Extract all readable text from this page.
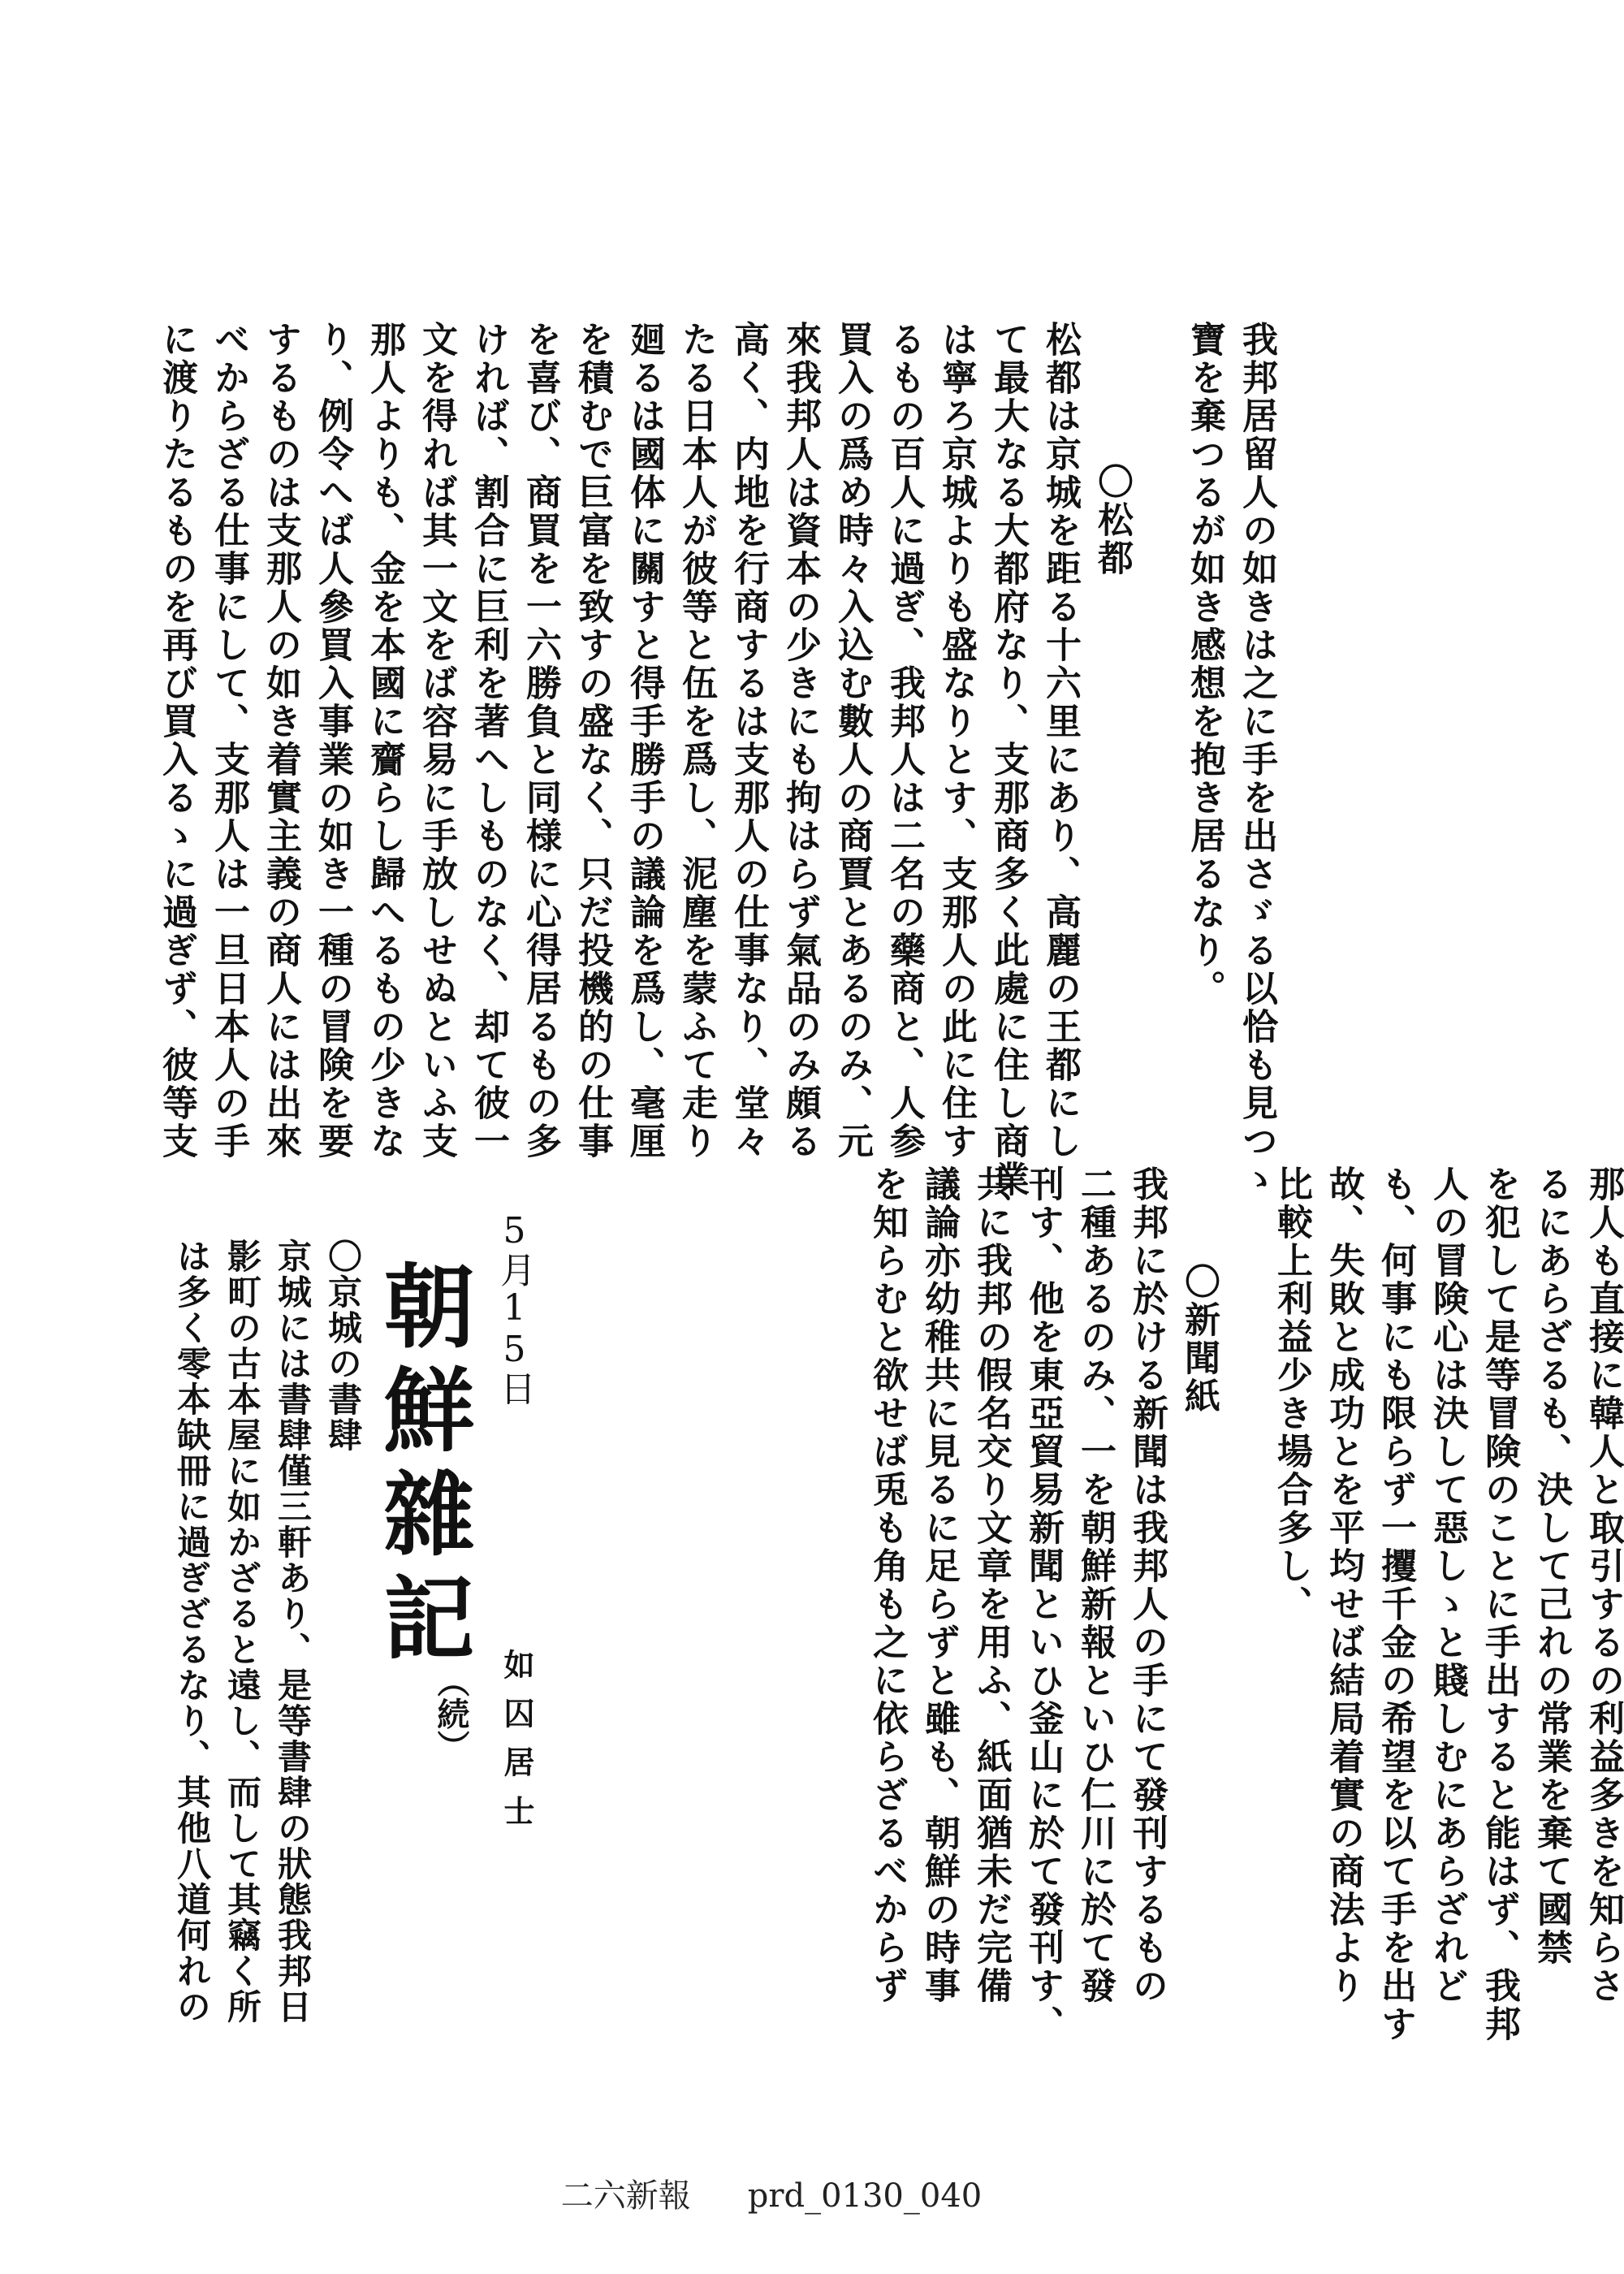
我邦居留人の如きは之に手を出さゞる以恰も見つゝ
寶を棄つるが如き感想を抱き居るなり。
〇松都
松都は京城を距る十六里にあり、高麗の王都にし
て最大なる大都府なり、支那商多く此處に住し商業
は寧ろ京城よりも盛なりとす、支那人の此に住す
るもの百人に過ぎ、我邦人は二名の藥商と、人参
買入の爲め時々入込む數人の商賈とあるのみ、元
來我邦人は資本の少きにも拘はらず氣品のみ頗る
高く、内地を行商するは支那人の仕事なり、堂々
たる日本人が彼等と伍を爲し、泥塵を蒙ふて走り
廻るは國体に關すと得手勝手の議論を爲し、毫厘
を積むで巨富を致すの盛なく、只だ投機的の仕事
を喜び、商買を一六勝負と同様に心得居るもの多
ければ、割合に巨利を著へしものなく、却て彼一
文を得れば其一文をば容易に手放しせぬといふ支
那人よりも、金を本國に齎らし歸へるもの少きな
り、例令へば人參買入事業の如き一種の冒険を要
するものは支那人の如き着實主義の商人には出來
べからざる仕事にして、支那人は一旦日本人の手
に渡りたるものを再び買入るゝに過ぎず、彼等支
那人も直接に韓人と取引するの利益多きを知らさ
るにあらざるも、決して己れの常業を棄て國禁
を犯して是等冒険のことに手出すると能はず、我邦
人の冒険心は決して惡しゝと賤しむにあらざれど
も、何事にも限らず一攫千金の希望を以て手を出す
故、失敗と成功とを平均せば結局着實の商法より
比較上利益少き場合多し、
〇新聞紙
我邦に於ける新聞は我邦人の手にて發刊するもの
二種あるのみ、一を朝鮮新報といひ仁川に於て發
刊す、他を東亞貿易新聞といひ釜山に於て發刊す、
共に我邦の假名交り文章を用ふ、紙面猶未だ完備
議論亦幼稚共に見るに足らずと雖も、朝鮮の時事
を知らむと欲せば兎も角も之に依らざるべからず
5月15日
朝鮮雜記
（続） 如囚居士
〇京城の書肆
京城には書肆僅三軒あり、是等書肆の狀態我邦日
影町の古本屋に如かざると遠し、而して其竊く所
は多く零本缺冊に過ぎざるなり、其他八道何れの
二六新報 prd_0130_040
